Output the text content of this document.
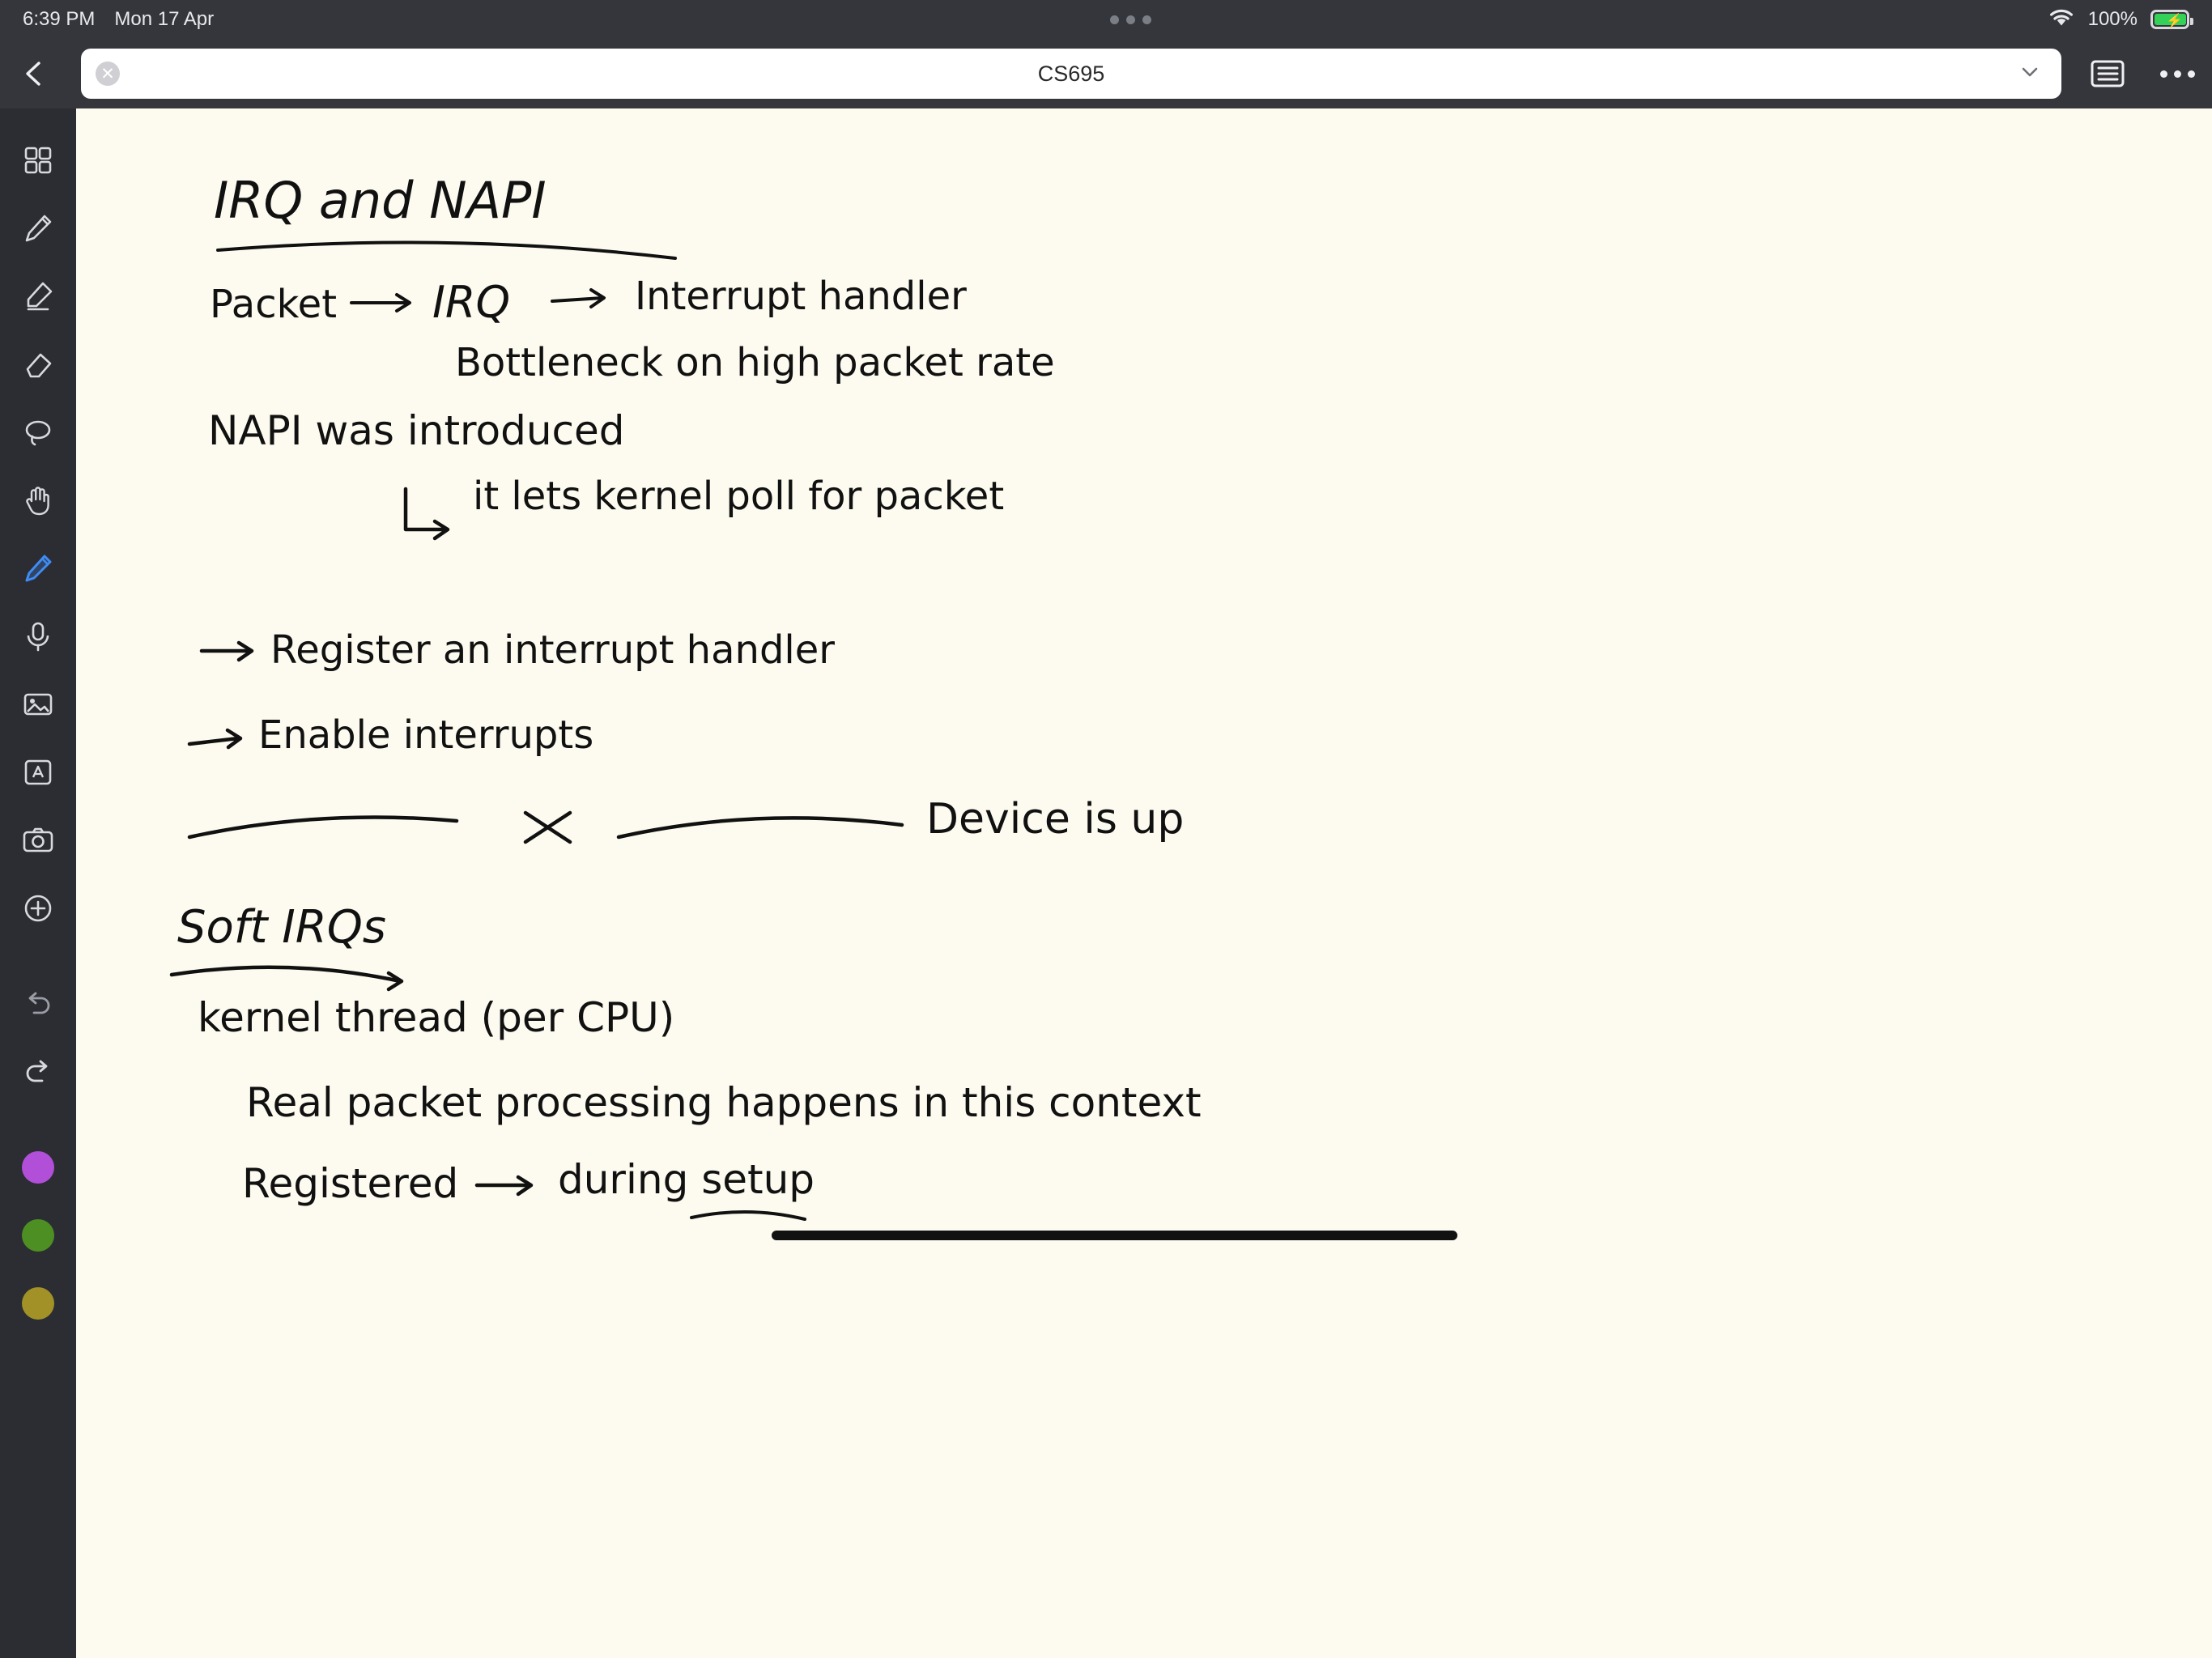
6:39 PM Mon 17 Apr	100% ⚡
✕	CS695
IRQ and NAPI
Packet IRQ	Interrupt handler
Bottleneck on high packet rate
NAPI was introduced
it lets kernel poll for packet
Register an interrupt handler
Enable interrupts
Device is up
Soft IRQs
kernel thread (per CPU)
Real packet processing happens in this context
Registered during setup
